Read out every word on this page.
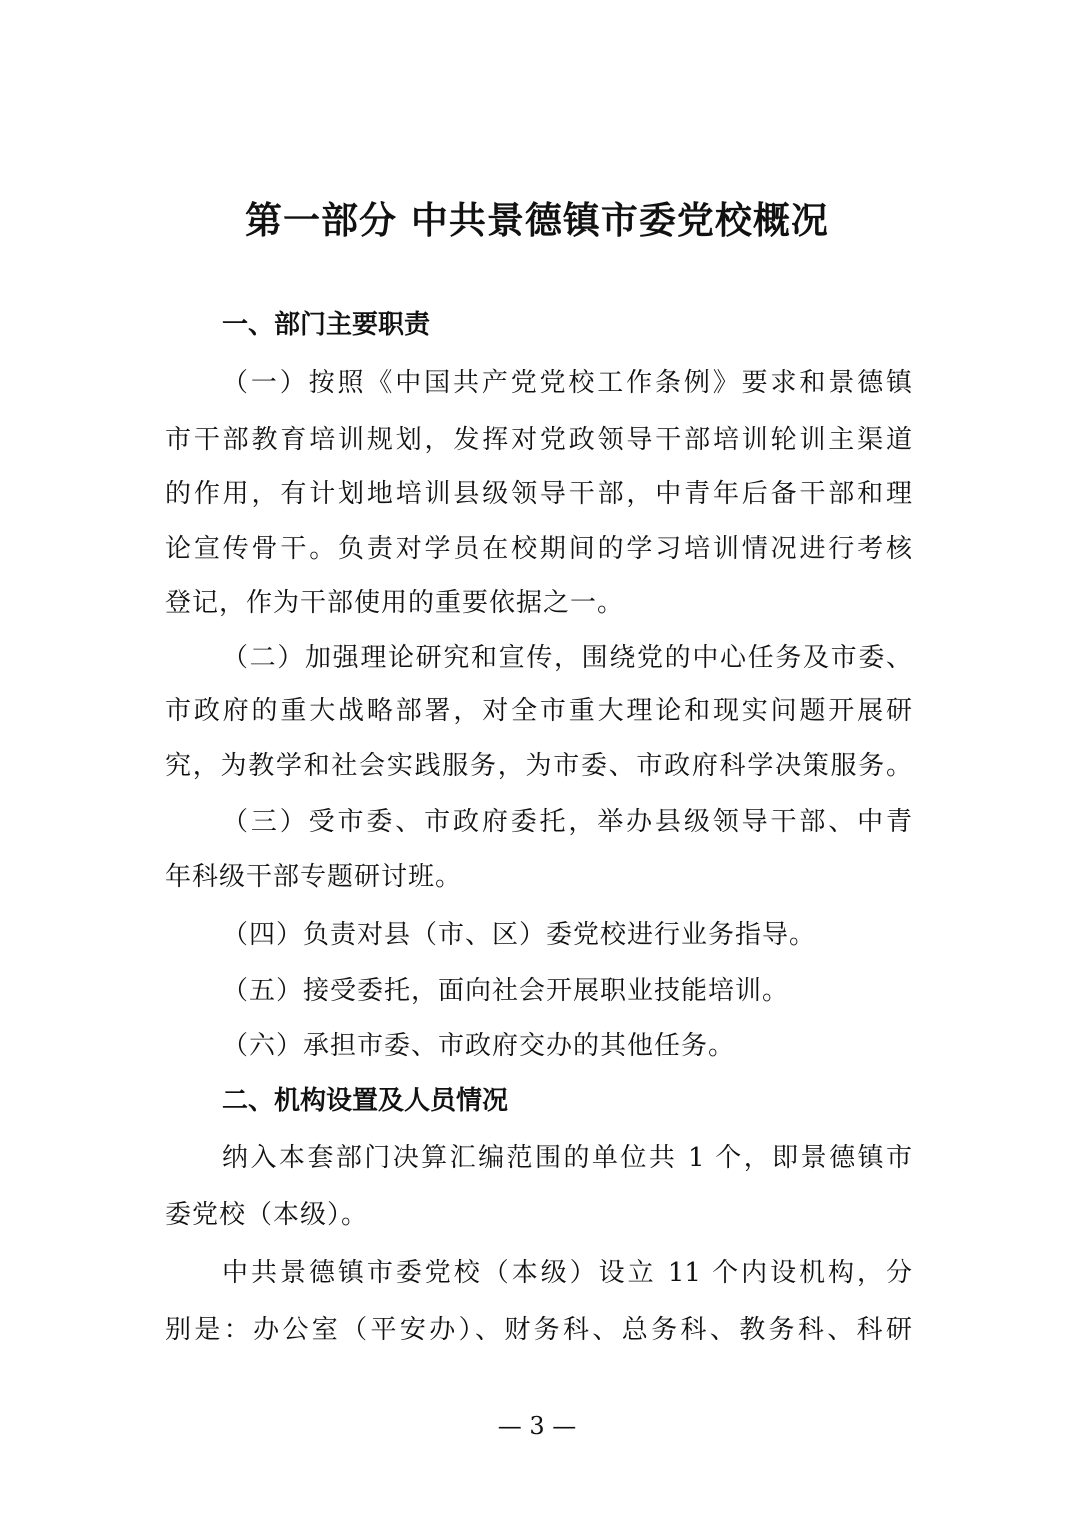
第一部分 中共景德镇市委党校概况
一、部门主要职责
（一）按照《中国共产党党校工作条例》要求和景德镇
市干部教育培训规划，发挥对党政领导干部培训轮训主渠道
的作用，有计划地培训县级领导干部，中青年后备干部和理
论宣传骨干。负责对学员在校期间的学习培训情况进行考核
登记，作为干部使用的重要依据之一。
（二）加强理论研究和宣传，围绕党的中心任务及市委、
市政府的重大战略部署，对全市重大理论和现实问题开展研
究，为教学和社会实践服务，为市委、市政府科学决策服务。
（三）受市委、市政府委托，举办县级领导干部、中青
年科级干部专题研讨班。
（四）负责对县（市、区）委党校进行业务指导。
（五）接受委托，面向社会开展职业技能培训。
（六）承担市委、市政府交办的其他任务。
二、机构设置及人员情况
纳入本套部门决算汇编范围的单位共 1 个，即景德镇市
委党校（本级）。
中共景德镇市委党校（本级）设立 11 个内设机构，分
别是：办公室（平安办）、财务科、总务科、教务科、科研
— 3 —
